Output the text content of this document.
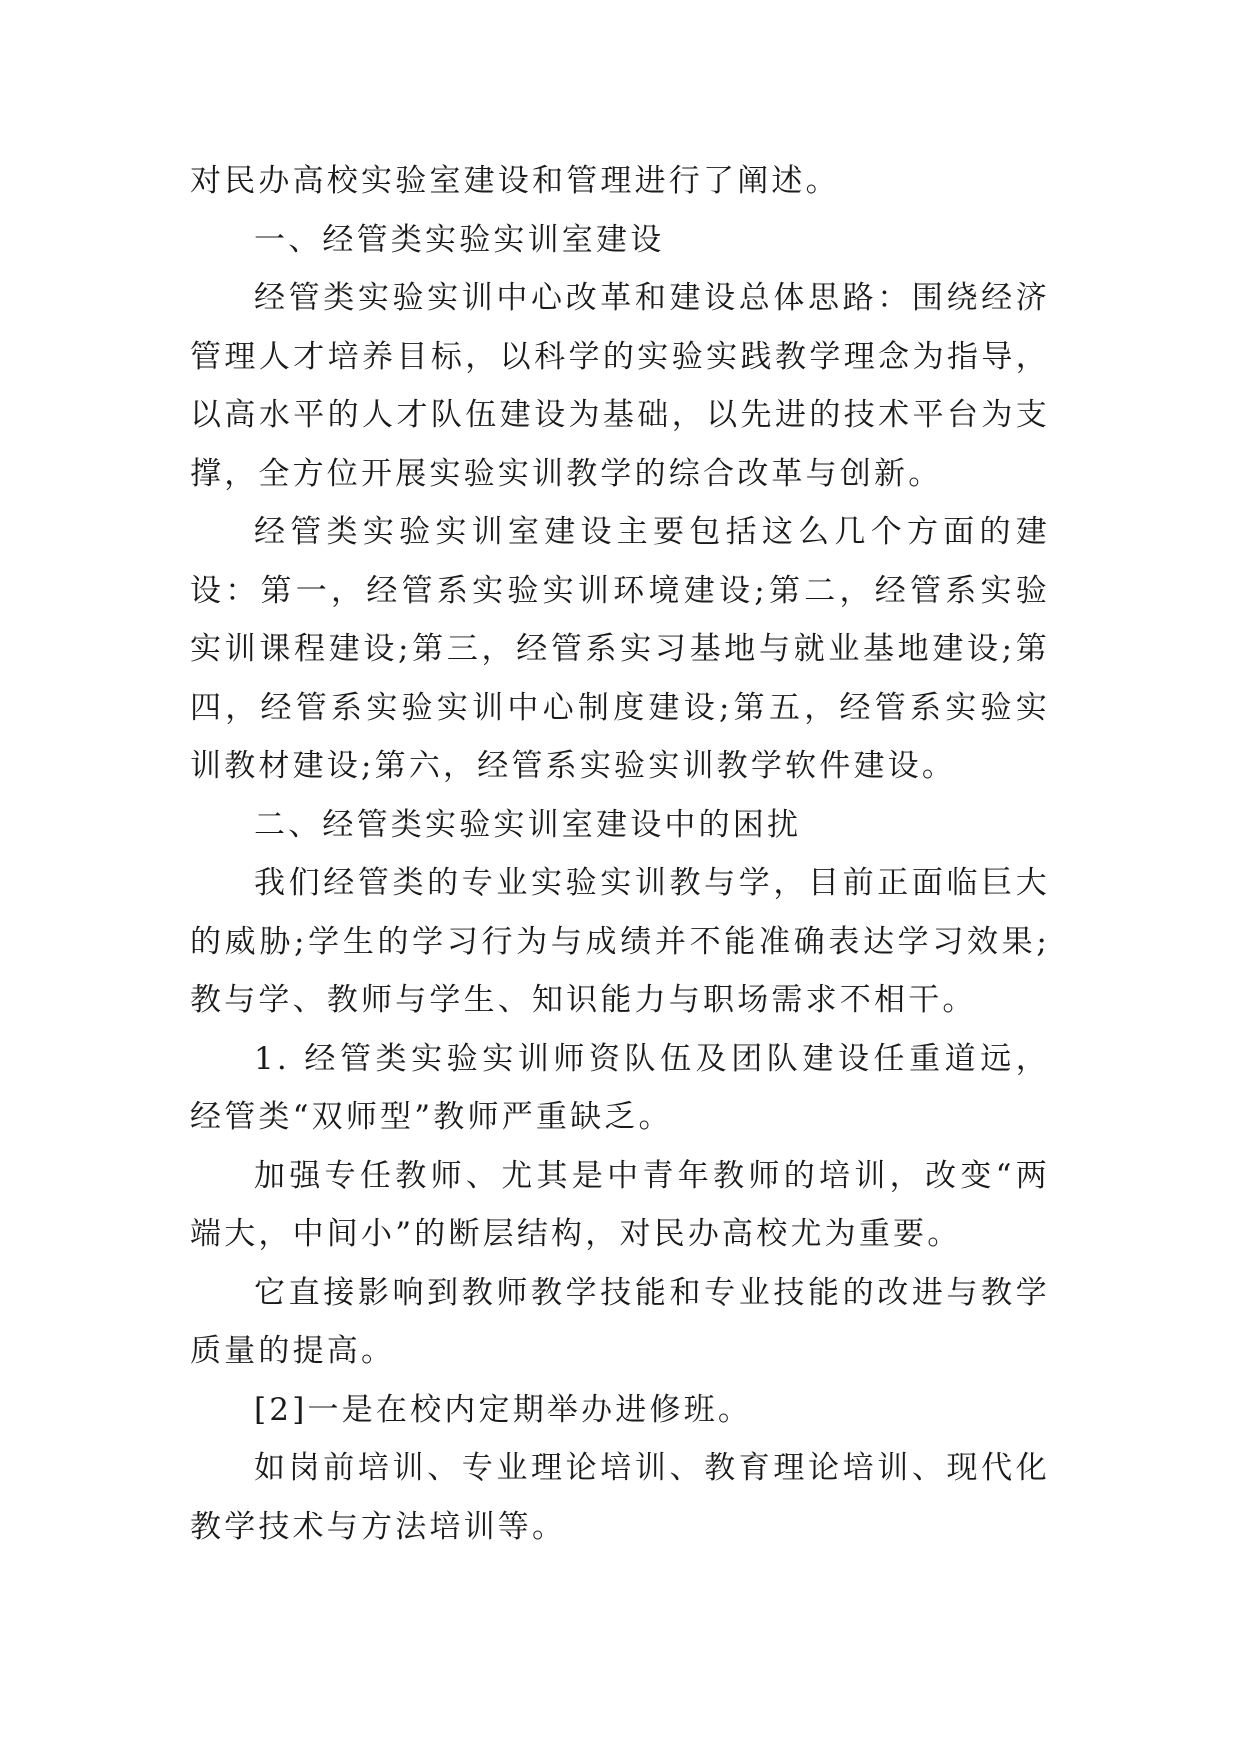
对民办高校实验室建设和管理进行了阐述。

一、经管类实验实训室建设

经管类实验实训中心改革和建设总体思路：围绕经济管理人才培养目标，以科学的实验实践教学理念为指导，以高水平的人才队伍建设为基础，以先进的技术平台为支撑，全方位开展实验实训教学的综合改革与创新。

经管类实验实训室建设主要包括这么几个方面的建设：第一，经管系实验实训环境建设;第二，经管系实验实训课程建设;第三，经管系实习基地与就业基地建设;第四，经管系实验实训中心制度建设;第五，经管系实验实训教材建设;第六，经管系实验实训教学软件建设。

二、经管类实验实训室建设中的困扰

我们经管类的专业实验实训教与学，目前正面临巨大的威胁;学生的学习行为与成绩并不能准确表达学习效果;教与学、教师与学生、知识能力与职场需求不相干。

1. 经管类实验实训师资队伍及团队建设任重道远，经管类“双师型”教师严重缺乏。

加强专任教师、尤其是中青年教师的培训，改变“两端大，中间小”的断层结构，对民办高校尤为重要。

它直接影响到教师教学技能和专业技能的改进与教学质量的提高。

[2]一是在校内定期举办进修班。

如岗前培训、专业理论培训、教育理论培训、现代化教学技术与方法培训等。
